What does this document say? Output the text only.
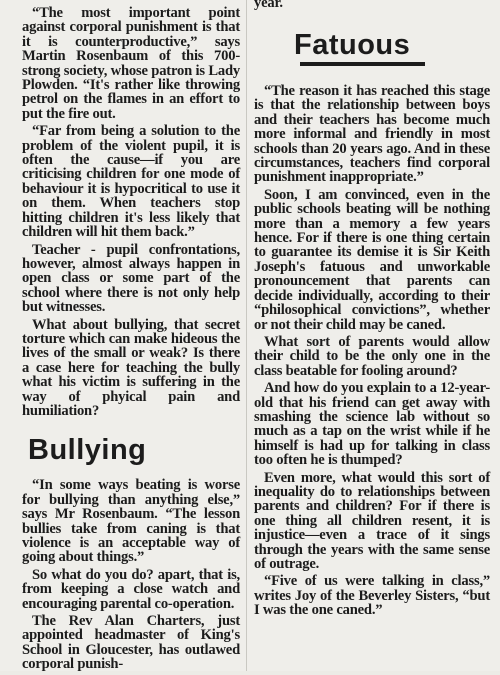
“The most important point against corporal punishment is that it is counterproductive,” says Martin Rosenbaum of this 700-strong society, whose patron is Lady Plowden. “It's rather like throwing petrol on the flames in an effort to put the fire out.

“Far from being a solution to the problem of the violent pupil, it is often the cause—if you are criticising children for one mode of behaviour it is hypocritical to use it on them. When teachers stop hitting children it's less likely that children will hit them back.”

Teacher - pupil confrontations, however, almost always happen in open class or some part of the school where there is not only help but witnesses.

What about bullying, that secret torture which can make hideous the lives of the small or weak? Is there a case here for teaching the bully what his victim is suffering in the way of phyical pain and humiliation?

Bullying

“In some ways beating is worse for bullying than anything else,” says Mr Rosenbaum. “The lesson bullies take from caning is that violence is an acceptable way of going about things.”

So what do you do? apart, that is, from keeping a close watch and encouraging parental co-operation.

The Rev Alan Charters, just appointed headmaster of King's School in Gloucester, has outlawed corporal punish-

year.

Fatuous

“The reason it has reached this stage is that the relationship between boys and their teachers has become much more informal and friendly in most schools than 20 years ago. And in these circumstances, teachers find corporal punishment inappropriate.”

Soon, I am convinced, even in the public schools beating will be nothing more than a memory a few years hence. For if there is one thing certain to guarantee its demise it is Sir Keith Joseph's fatuous and unworkable pronouncement that parents can decide individually, according to their “philosophical convictions”, whether or not their child may be caned.

What sort of parents would allow their child to be the only one in the class beatable for fooling around?

And how do you explain to a 12-year-old that his friend can get away with smashing the science lab without so much as a tap on the wrist while if he himself is had up for talking in class too often he is thumped?

Even more, what would this sort of inequality do to relationships between parents and children? For if there is one thing all children resent, it is injustice—even a trace of it sings through the years with the same sense of outrage.

“Five of us were talking in class,” writes Joy of the Beverley Sisters, “but I was the one caned.”
